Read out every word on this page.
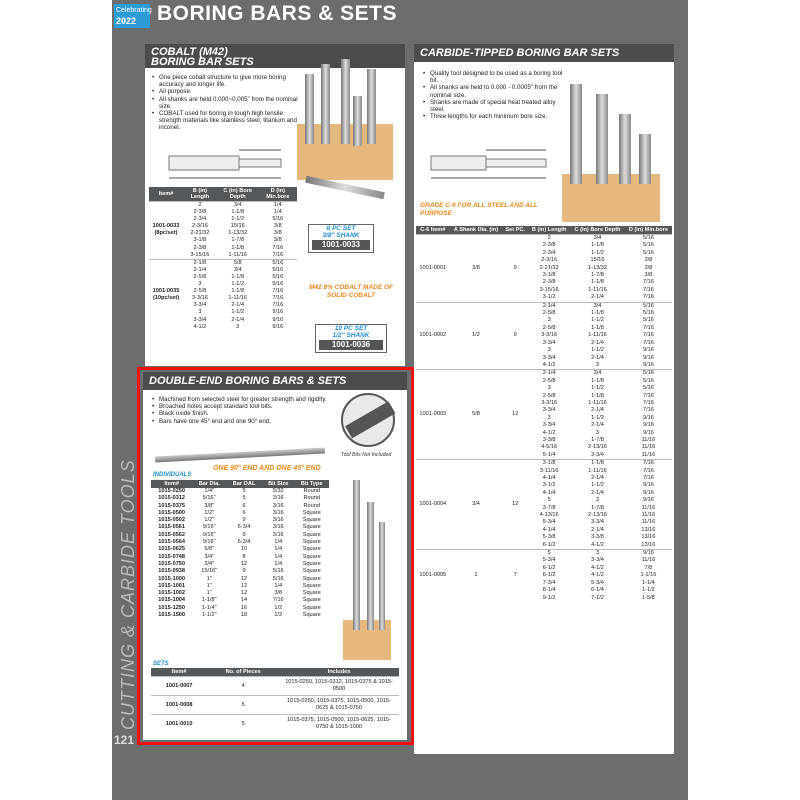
Celebrating
2022 BORING BARS & SETS
CUTTING & CARBIDE TOOLS
COBALT (M42)
BORING BAR SETS
• One piece cobalt structure to give more boring accuracy and longer life.
• All purpose.
• All shanks are held 0.000~0.005" from the nominal size.
• COBALT used for boring in tough high tensile strength materials like stainless steel, titanium and inconel.
Item#	B (in) Length	C (in) Bore Depth	D (in) Min.bore
1001-0033 (8pc/set)	2	3/4	1/4
	2-3/8	1-1/8	1/4
	2-3/4	1-1/2	5/16
	2-3/16	15/16	3/8
	2-21/32	1-13/32	3/8
	3-1/8	1-7/8	3/8
	2-3/8	1-1/8	7/16
	3-15/16	1-11/16	7/16
1001-0035 (10pc/set)	2-1/8	5/8	5/16
	2-1/4	3/4	5/16
	2-5/8	1-1/8	5/16
	3	1-1/2	5/16
	2-5/8	1-1/8	7/16
	3-3/16	1-11/16	7/16
	3-3/4	2-1/4	7/16
	3	1-1/2	9/16
	3-3/4	2-1/4	9/16
	4-1/2	3	9/16
8 PC SET
3/8" SHANK
1001-0033
M42 8% COBALT MADE OF SOLID COBALT
10 PC SET
1/2" SHANK
1001-0036
CARBIDE-TIPPED BORING BAR SETS
• Quality tool designed to be used as a boring tool bit.
• All shanks are held to 0.000 - 0.0005" from the nominal size.
• Shanks are made of special heat treated alloy steel.
• Three lengths for each minimum bore size.
GRADE C-6 FOR ALL STEEL AND ALL PURPOSE
C-6 Item#	A Shank Dia. (in)	Set PC.	B (in) Length	C (in) Bore Depth	D (in) Min.bore
1001-0001	3/8	9	2	3/4	5/16
			2-3/8	1-1/8	5/16
			2-3/4	1-1/2	5/16
			2-3/16	15/16	3/8
			2-21/32	1-13/32	3/8
			3-1/8	1-7/8	3/8
			2-3/8	1-1/8	7/16
			3-15/16	1-11/16	7/16
			3-1/2	2-1/4	7/16
1001-0002	1/2	9	2-1/4	3/4	5/16
			2-5/8	1-1/8	5/16
			3	1-1/2	5/16
			2-5/8	1-1/8	7/16
			3-3/16	1-11/16	7/16
			3-3/4	2-1/4	7/16
			3	1-1/2	9/16
			3-3/4	2-1/4	9/16
			4-1/2	3	9/16
1001-0003	5/8	12	2-1/4	3/4	5/16
			2-5/8	1-1/8	5/16
			3	1-1/2	5/16
			2-5/8	1-1/8	7/16
			3-3/16	1-11/16	7/16
			3-3/4	2-1/4	7/16
			3	1-1/2	9/16
			3-3/4	2-1/4	9/16
			4-1/2	3	9/16
			3-3/8	1-7/8	11/16
			4-5/16	2-13/16	11/16
			5-1/4	3-3/4	11/16
1001-0004	3/4	12	3-1/8	1-1/8	7/16
			3-11/16	1-11/16	7/16
			4-1/4	2-1/4	7/16
			3-1/2	1-1/2	9/16
			4-1/4	2-1/4	9/16
			5	3	9/16
			3-7/8	1-7/8	11/16
			4-13/16	2-13/16	11/16
			5-3/4	3-3/4	11/16
			4-1/4	2-1/4	13/16
			5-3/8	3-3/8	13/16
			6-1/2	4-1/2	13/16
1001-0005	1	7	5	3	9/16
			5-3/4	3-3/4	11/16
			6-1/2	4-1/2	7/8
			6-1/2	4-1/2	1-1/16
			7-3/4	5-3/4	1-1/4
			8-1/4	6-1/4	1-1/2
			9-1/2	7-1/2	1-5/8
DOUBLE-END BORING BARS & SETS
• Machined from selected steel for greater strength and rigidity.
• Broached holes accept standard tool bits.
• Black oxide finish.
• Bars have one 45° end and one 90° end.
Tool Bits Not Included
ONE 90° END AND ONE 45° END
INDIVIDUALS
Item#	Bar Dia.	Bar OAL	Bit Size	Bit Type
1015-0250	1/4"	5	5/32	Round
1015-0312	5/16"	5	3/16	Round
1015-0375	3/8"	6	3/16	Round
1015-0500	1/2"	6	3/16	Square
1015-0502	1/2"	9	3/16	Square
1015-0561	9/16"	6-3/4	3/16	Square
1015-0562	9/16"	9	3/16	Square
1015-0564	9/16"	6-3/4	1/4	Square
1015-0625	5/8"	10	1/4	Square
1015-0748	3/4"	8	1/4	Square
1015-0750	3/4"	12	1/4	Square
1015-0938	15/16"	9	5/16	Square
1015-1000	1"	12	5/16	Square
1015-1001	1"	12	1/4	Square
1015-1002	1"	12	3/8	Square
1015-1004	1-1/8"	14	7/16	Square
1015-1250	1-1/4"	16	1/2	Square
1015-1500	1-1/2"	18	1/2	Square
SETS
Item#	No. of Pieces	Includes
1001-0007	4	1015-0250, 1015-0312, 1015-0375 & 1015-0500
1001-0008	5	1015-0250, 1015-0375, 1015-0500, 1015-0625 & 1015-0750
1001-0010	5	1015-0375, 1015-0500, 1015-0625, 1015-0750 & 1015-1000
121
